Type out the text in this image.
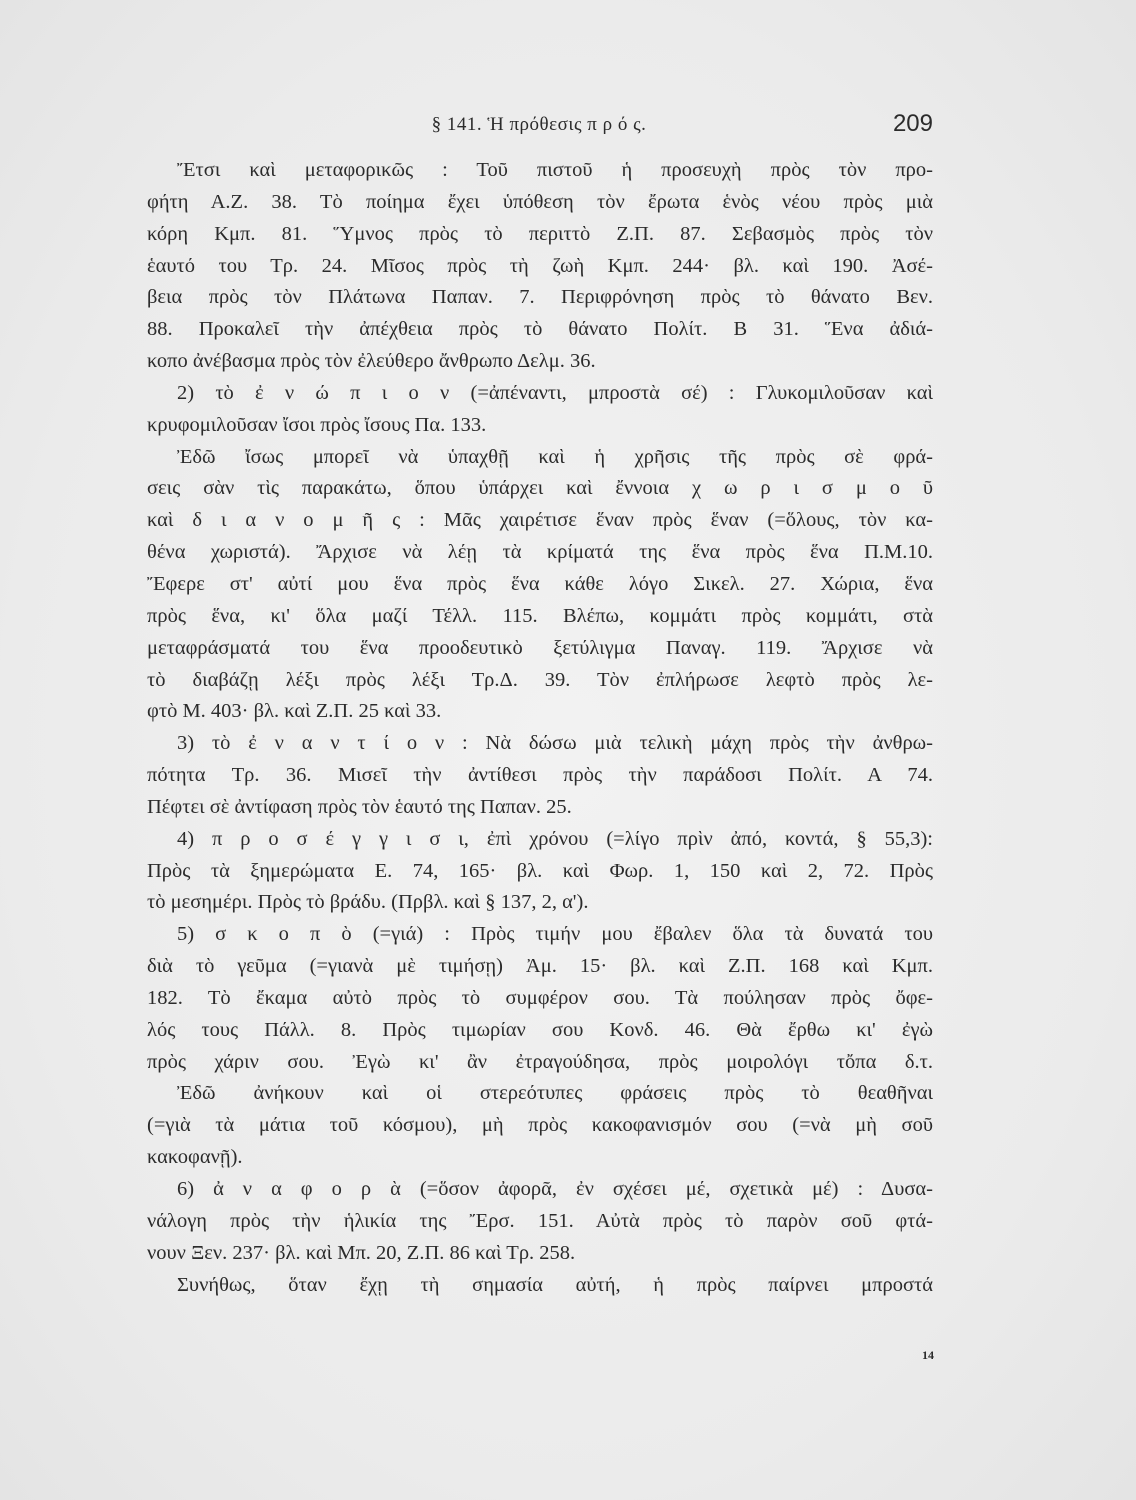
§ 141. Ἡ πρόθεσις π ρ ό ς.	209
Ἔτσι καὶ μεταφορικῶς : Τοῦ πιστοῦ ἡ προσευχὴ πρὸς τὸν προ-
φήτη Α.Ζ. 38. Τὸ ποίημα ἔχει ὑπόθεση τὸν ἔρωτα ἑνὸς νέου πρὸς μιὰ
κόρη Κμπ. 81. Ὕμνος πρὸς τὸ περιττὸ Ζ.Π. 87. Σεβασμὸς πρὸς τὸν
ἑαυτό του Τρ. 24. Μῖσος πρὸς τὴ ζωὴ Κμπ. 244· βλ. καὶ 190. Ἀσέ-
βεια πρὸς τὸν Πλάτωνα Παπαν. 7. Περιφρόνηση πρὸς τὸ θάνατο Βεν.
88. Προκαλεῖ τὴν ἀπέχθεια πρὸς τὸ θάνατο Πολίτ. Β 31. Ἕνα ἀδιά-
κοπο ἀνέβασμα πρὸς τὸν ἐλεύθερο ἄνθρωπο Δελμ. 36.
2) τὸ ἐ ν ώ π ι ο ν (=ἀπέναντι, μπροστὰ σέ) : Γλυκομιλοῦσαν καὶ
κρυφομιλοῦσαν ἴσοι πρὸς ἴσους Πα. 133.
Ἐδῶ ἴσως μπορεῖ νὰ ὑπαχθῇ καὶ ἡ χρῆσις τῆς πρὸς σὲ φρά-
σεις σὰν τὶς παρακάτω, ὅπου ὑπάρχει καὶ ἔννοια χ ω ρ ι σ μ ο ῦ
καὶ δ ι α ν ο μ ῆ ς : Μᾶς χαιρέτισε ἕναν πρὸς ἕναν (=ὅλους, τὸν κα-
θένα χωριστά). Ἄρχισε νὰ λέῃ τὰ κρίματά της ἕνα πρὸς ἕνα Π.Μ.10.
Ἔφερε στ' αὐτί μου ἕνα πρὸς ἕνα κάθε λόγο Σικελ. 27. Χώρια, ἕνα
πρὸς ἕνα, κι' ὅλα μαζί Τέλλ. 115. Βλέπω, κομμάτι πρὸς κομμάτι, στὰ
μεταφράσματά του ἕνα προοδευτικὸ ξετύλιγμα Παναγ. 119. Ἄρχισε νὰ
τὸ διαβάζῃ λέξι πρὸς λέξι Τρ.Δ. 39. Τὸν ἐπλήρωσε λεφτὸ πρὸς λε-
φτὸ Μ. 403· βλ. καὶ Ζ.Π. 25 καὶ 33.
3) τὸ ἐ ν α ν τ ί ο ν : Νὰ δώσω μιὰ τελικὴ μάχη πρὸς τὴν ἀνθρω-
πότητα Τρ. 36. Μισεῖ τὴν ἀντίθεσι πρὸς τὴν παράδοσι Πολίτ. Α 74.
Πέφτει σὲ ἀντίφαση πρὸς τὸν ἑαυτό της Παπαν. 25.
4) π ρ ο σ έ γ γ ι σ ι, ἐπὶ χρόνου (=λίγο πρὶν ἀπό, κοντά, § 55,3):
Πρὸς τὰ ξημερώματα Ε. 74, 165· βλ. καὶ Φωρ. 1, 150 καὶ 2, 72. Πρὸς
τὸ μεσημέρι. Πρὸς τὸ βράδυ. (Πρβλ. καὶ § 137, 2, α').
5) σ κ ο π ὸ (=γιά) : Πρὸς τιμήν μου ἔβαλεν ὅλα τὰ δυνατά του
διὰ τὸ γεῦμα (=γιανὰ μὲ τιμήσῃ) Ἀμ. 15· βλ. καὶ Ζ.Π. 168 καὶ Κμπ.
182. Τὸ ἔκαμα αὐτὸ πρὸς τὸ συμφέρον σου. Τὰ πούλησαν πρὸς ὄφε-
λός τους Πάλλ. 8. Πρὸς τιμωρίαν σου Κονδ. 46. Θὰ ἔρθω κι' ἐγὼ
πρὸς χάριν σου. Ἐγὼ κι' ἂν ἐτραγούδησα, πρὸς μοιρολόγι τὄπα δ.τ.
Ἐδῶ ἀνήκουν καὶ οἱ στερεότυπες φράσεις πρὸς τὸ θεαθῆναι
(=γιὰ τὰ μάτια τοῦ κόσμου), μὴ πρὸς κακοφανισμόν σου (=νὰ μὴ σοῦ
κακοφανῇ).
6) ἀ ν α φ ο ρ ὰ (=ὅσον ἀφορᾶ, ἐν σχέσει μέ, σχετικὰ μέ) : Δυσα-
νάλογη πρὸς τὴν ἡλικία της Ἔρσ. 151. Αὐτὰ πρὸς τὸ παρὸν σοῦ φτά-
νουν Ξεν. 237· βλ. καὶ Μπ. 20, Ζ.Π. 86 καὶ Τρ. 258.
Συνήθως, ὅταν ἔχῃ τὴ σημασία αὐτή, ἡ πρὸς παίρνει μπροστά
14
